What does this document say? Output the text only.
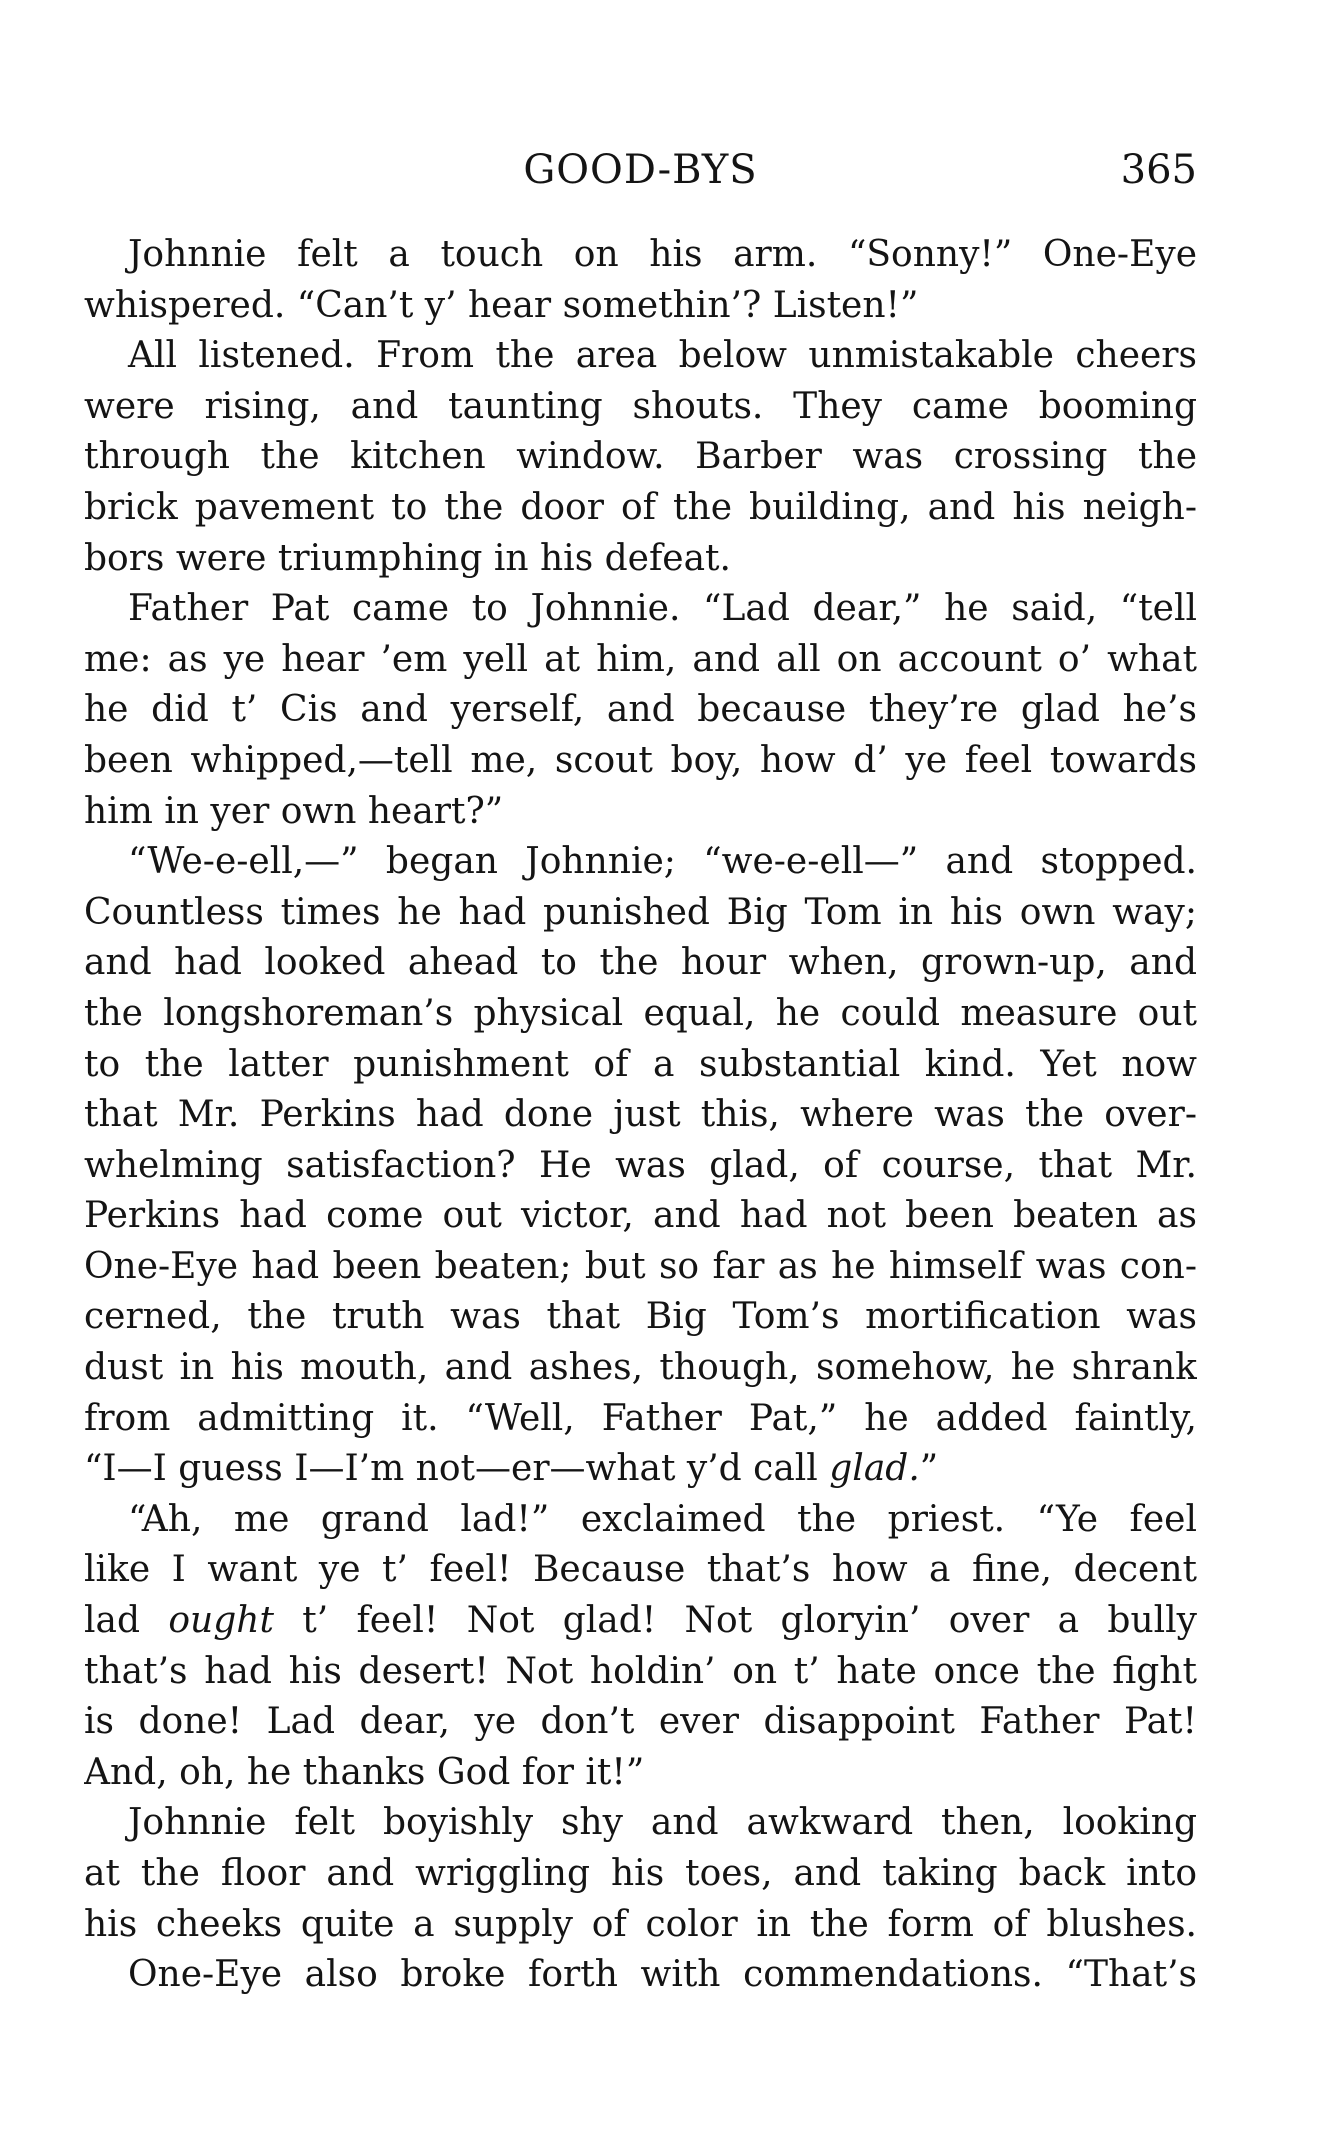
GOOD-BYS	365
Johnnie felt a touch on his arm. “Sonny!” One-Eye
whispered. “Can’t y’ hear somethin’? Listen!”
All listened. From the area below unmistakable cheers
were rising, and taunting shouts. They came booming
through the kitchen window. Barber was crossing the
brick pavement to the door of the building, and his neigh-
bors were triumphing in his defeat.
Father Pat came to Johnnie. “Lad dear,” he said, “tell
me: as ye hear ’em yell at him, and all on account o’ what
he did t’ Cis and yerself, and because they’re glad he’s
been whipped,—tell me, scout boy, how d’ ye feel towards
him in yer own heart?”
“We-e-ell,—” began Johnnie; “we-e-ell—” and stopped.
Countless times he had punished Big Tom in his own way;
and had looked ahead to the hour when, grown-up, and
the longshoreman’s physical equal, he could measure out
to the latter punishment of a substantial kind. Yet now
that Mr. Perkins had done just this, where was the over-
whelming satisfaction? He was glad, of course, that Mr.
Perkins had come out victor, and had not been beaten as
One-Eye had been beaten; but so far as he himself was con-
cerned, the truth was that Big Tom’s mortification was
dust in his mouth, and ashes, though, somehow, he shrank
from admitting it. “Well, Father Pat,” he added faintly,
“I—I guess I—I’m not—er—what y’d call glad.”
“Ah, me grand lad!” exclaimed the priest. “Ye feel
like I want ye t’ feel! Because that’s how a fine, decent
lad ought t’ feel! Not glad! Not gloryin’ over a bully
that’s had his desert! Not holdin’ on t’ hate once the fight
is done! Lad dear, ye don’t ever disappoint Father Pat!
And, oh, he thanks God for it!”
Johnnie felt boyishly shy and awkward then, looking
at the floor and wriggling his toes, and taking back into
his cheeks quite a supply of color in the form of blushes.
One-Eye also broke forth with commendations. “That’s
